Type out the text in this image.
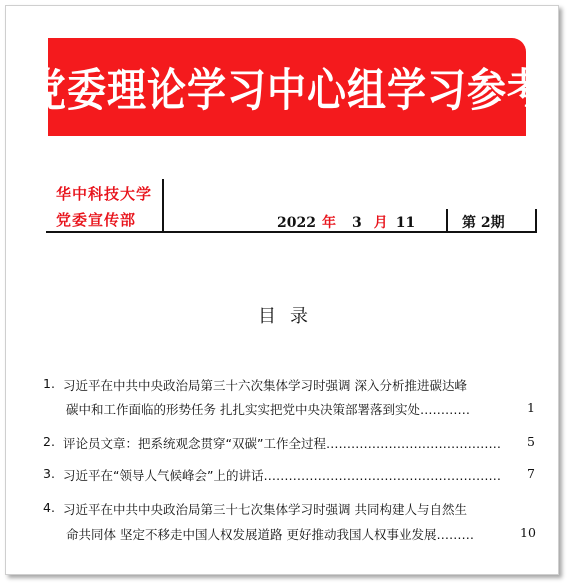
党委理论学习中心组学习参考
华中科技大学
党委宣传部	2022 年 3 月 11	第 2期
目录
1. 习近平在中共中央政治局第三十六次集体学习时强调 深入分析推进碳达峰
碳中和工作面临的形势任务 扎扎实实把党中央决策部署落到实处…………	1
2. 评论员文章：把系统观念贯穿“双碳”工作全过程…………………………………… 5
3. 习近平在“领导人气候峰会”上的讲话………………………………………………… 7
4. 习近平在中共中央政治局第三十七次集体学习时强调 共同构建人与自然生
命共同体 坚定不移走中国人权发展道路 更好推动我国人权事业发展………	10
